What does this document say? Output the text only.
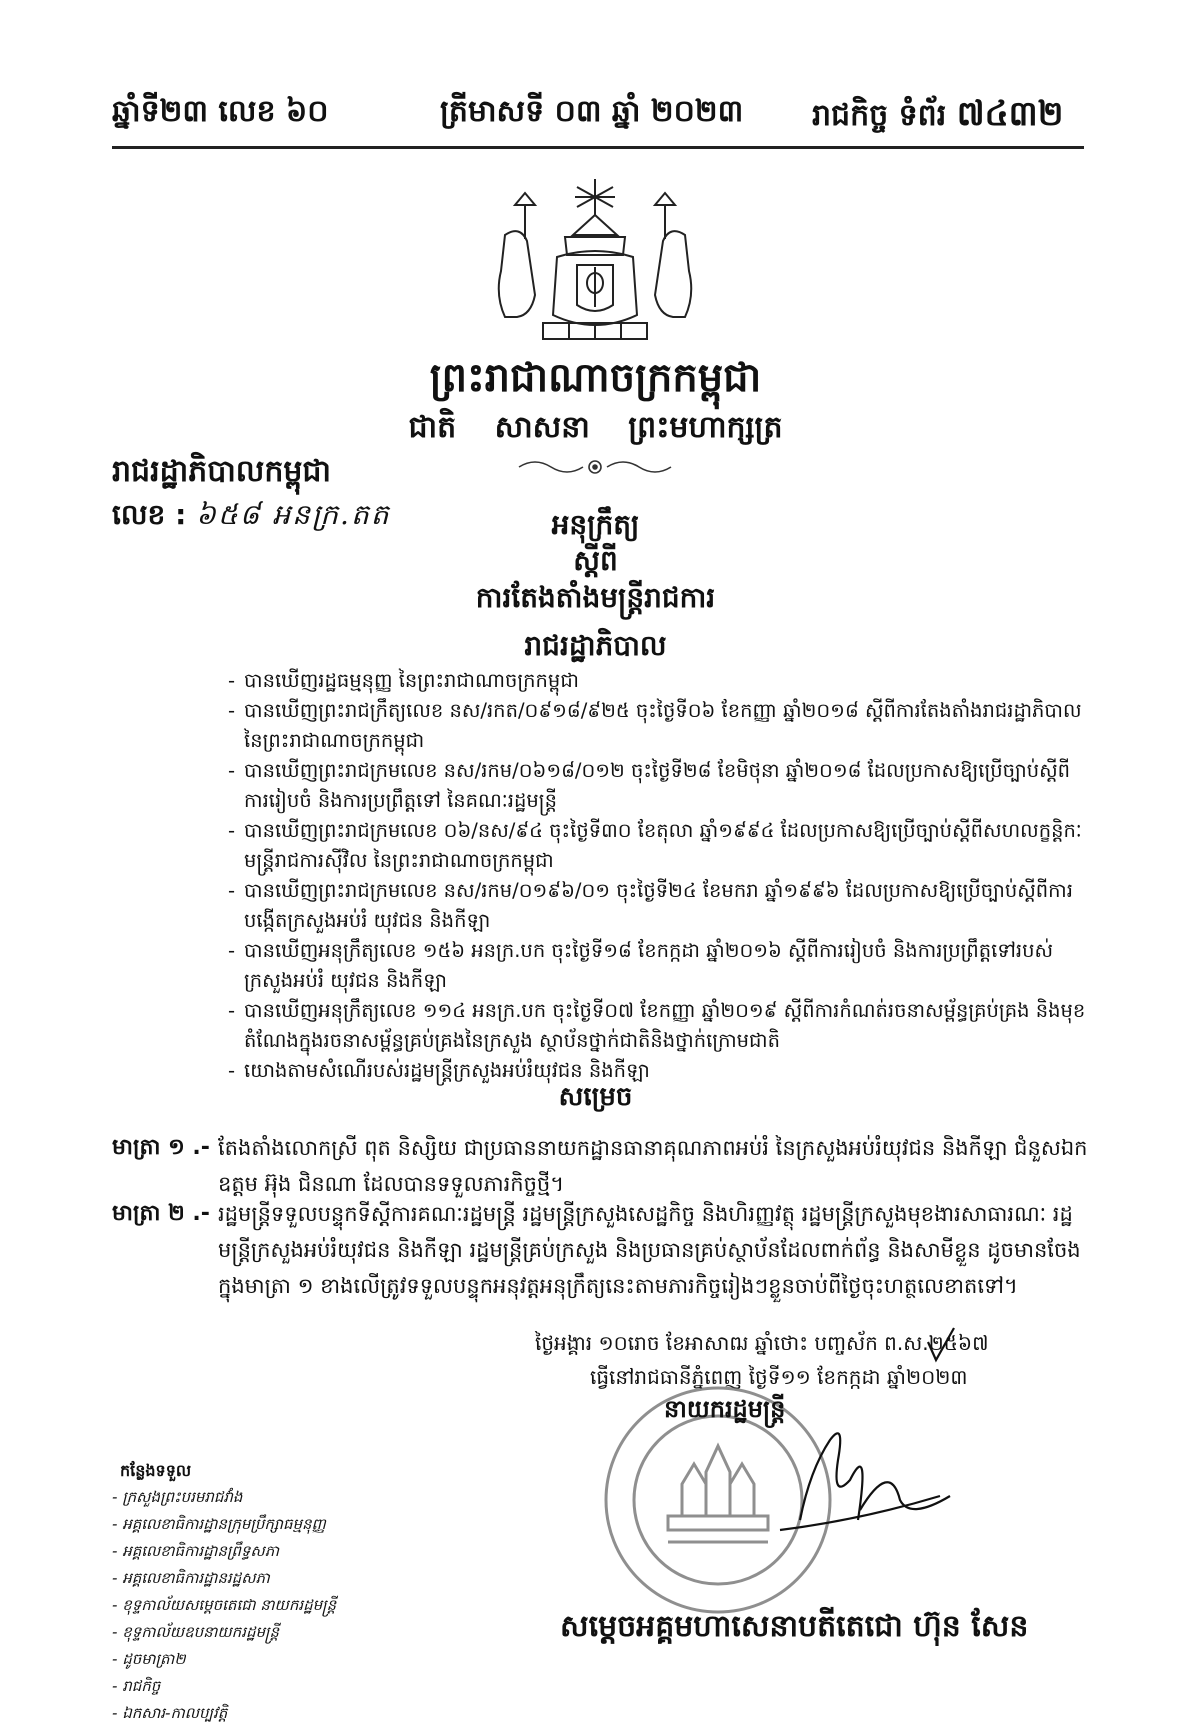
ឆ្នាំទី២៣ លេខ ៦០	ត្រីមាសទី ០៣ ឆ្នាំ ២០២៣ រាជកិច្ច ទំព័រ ៧៤៣២
ព្រះរាជាណាចក្រកម្ពុជា
ជាតិ សាសនា ព្រះមហាក្សត្រ
រាជរដ្ឋាភិបាលកម្ពុជា
លេខ : ៦៥៨ អនក្រ.តត	អនុក្រឹត្យ
ស្តីពី
ការតែងតាំងមន្ត្រីរាជការ
រាជរដ្ឋាភិបាល
- បានឃើញរដ្ឋធម្មនុញ្ញ នៃព្រះរាជាណាចក្រកម្ពុជា
- បានឃើញព្រះរាជក្រឹត្យលេខ នស/រកត/០៩១៨/៩២៥ ចុះថ្ងៃទី០៦ ខែកញ្ញា ឆ្នាំ២០១៨ ស្តីពីការតែងតាំងរាជរដ្ឋាភិបាល នៃព្រះរាជាណាចក្រកម្ពុជា
- បានឃើញព្រះរាជក្រមលេខ នស/រកម/០៦១៨/០១២ ចុះថ្ងៃទី២៨ ខែមិថុនា ឆ្នាំ២០១៨ ដែលប្រកាសឱ្យប្រើច្បាប់ស្តីពីការរៀបចំ និងការប្រព្រឹត្តទៅ នៃគណៈរដ្ឋមន្ត្រី
- បានឃើញព្រះរាជក្រមលេខ ០៦/នស/៩៤ ចុះថ្ងៃទី៣០ ខែតុលា ឆ្នាំ១៩៩៤ ដែលប្រកាសឱ្យប្រើច្បាប់ស្តីពីសហលក្ខន្តិកៈមន្ត្រីរាជការស៊ីវិល នៃព្រះរាជាណាចក្រកម្ពុជា
- បានឃើញព្រះរាជក្រមលេខ នស/រកម/០១៩៦/០១ ចុះថ្ងៃទី២៤ ខែមករា ឆ្នាំ១៩៩៦ ដែលប្រកាសឱ្យប្រើច្បាប់ស្តីពីការបង្កើតក្រសួងអប់រំ យុវជន និងកីឡា
- បានឃើញអនុក្រឹត្យលេខ ១៥៦ អនក្រ.បក ចុះថ្ងៃទី១៨ ខែកក្កដា ឆ្នាំ២០១៦ ស្តីពីការរៀបចំ និងការប្រព្រឹត្តទៅរបស់ក្រសួងអប់រំ យុវជន និងកីឡា
- បានឃើញអនុក្រឹត្យលេខ ១១៤ អនក្រ.បក ចុះថ្ងៃទី០៧ ខែកញ្ញា ឆ្នាំ២០១៩ ស្តីពីការកំណត់រចនាសម្ព័ន្ធគ្រប់គ្រង និងមុខតំណែងក្នុងរចនាសម្ព័ន្ធគ្រប់គ្រងនៃក្រសួង ស្ថាប័នថ្នាក់ជាតិនិងថ្នាក់ក្រោមជាតិ
- យោងតាមសំណើរបស់រដ្ឋមន្ត្រីក្រសួងអប់រំយុវជន និងកីឡា
សម្រេច
មាត្រា ១ .- តែងតាំងលោកស្រី ពុត និស្សិយ ជាប្រធាននាយកដ្ឋានធានាគុណភាពអប់រំ នៃក្រសួងអប់រំយុវជន និងកីឡា ជំនួសឯកឧត្តម អ៊ុង ជិនណា ដែលបានទទួលភារកិច្ចថ្មី។
មាត្រា ២ .- រដ្ឋមន្ត្រីទទួលបន្ទុកទីស្តីការគណៈរដ្ឋមន្ត្រី រដ្ឋមន្ត្រីក្រសួងសេដ្ឋកិច្ច និងហិរញ្ញវត្ថុ រដ្ឋមន្ត្រីក្រសួងមុខងារសាធារណៈ រដ្ឋមន្ត្រីក្រសួងអប់រំយុវជន និងកីឡា រដ្ឋមន្ត្រីគ្រប់ក្រសួង និងប្រធានគ្រប់ស្ថាប័នដែលពាក់ព័ន្ធ និងសាមីខ្លួន ដូចមានចែងក្នុងមាត្រា ១ ខាងលើត្រូវទទួលបន្ទុកអនុវត្តអនុក្រឹត្យនេះតាមភារកិច្ចរៀងៗខ្លួនចាប់ពីថ្ងៃចុះហត្ថលេខាតទៅ។
ថ្ងៃអង្គារ ១០រោច ខែអាសាឍ ឆ្នាំថោះ បញ្ចស័ក ព.ស.២៥៦៧
ធ្វើនៅរាជធានីភ្នំពេញ ថ្ងៃទី១១ ខែកក្កដា ឆ្នាំ២០២៣
នាយករដ្ឋមន្ត្រី
កន្លែងទទួល
- ក្រសួងព្រះបរមរាជវាំង
- អគ្គលេខាធិការដ្ឋានក្រុមប្រឹក្សាធម្មនុញ្ញ
- អគ្គលេខាធិការដ្ឋានព្រឹទ្ធសភា
- អគ្គលេខាធិការដ្ឋានរដ្ឋសភា
- ខុទ្ទកាល័យសម្តេចតេជោ នាយករដ្ឋមន្ត្រី
- ខុទ្ទកាល័យឧបនាយករដ្ឋមន្ត្រី
- ដូចមាត្រា២
- រាជកិច្ច
- ឯកសារ-កាលប្បវត្តិ
សម្តេចអគ្គមហាសេនាបតីតេជោ ហ៊ុន សែន
